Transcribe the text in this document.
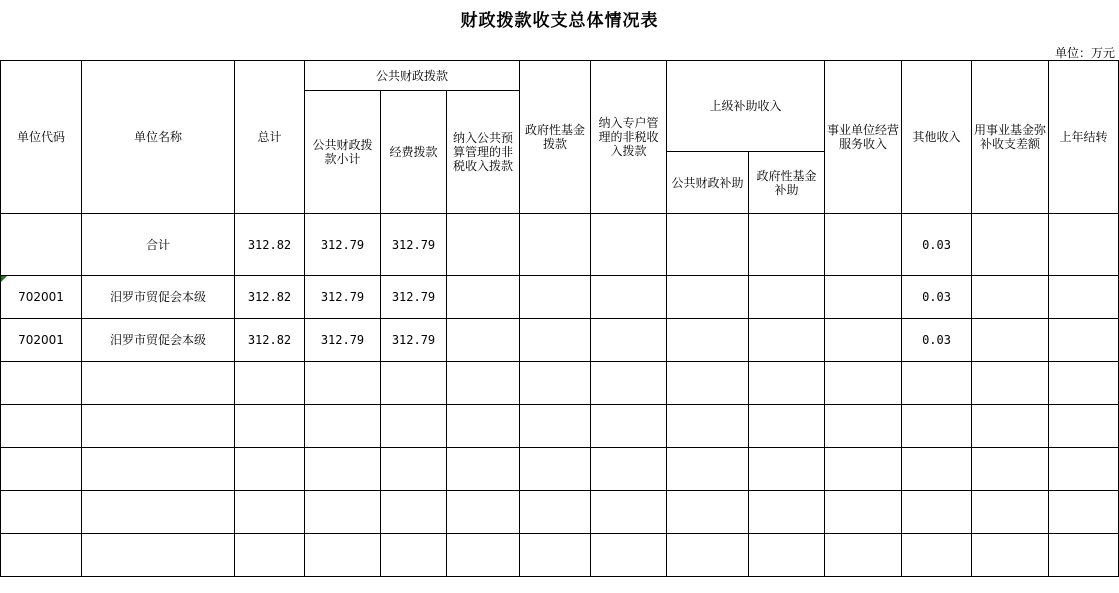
财政拨款收支总体情况表
单位：万元
单位代码	单位名称	总计	公共财政拨款			政府性基金拨款	纳入专户管理的非税收入拨款	上级补助收入		事业单位经营服务收入	其他收入	用事业基金弥补收支差额	上年结转
			公共财政拨款小计	经费拨款	纳入公共预算管理的非税收入拨款								
								公共财政补助	政府性基金补助				
	合计	312.82	312.79	312.79							0.03		
702001	汨罗市贸促会本级	312.82	312.79	312.79							0.03		
702001	汨罗市贸促会本级	312.82	312.79	312.79							0.03		
